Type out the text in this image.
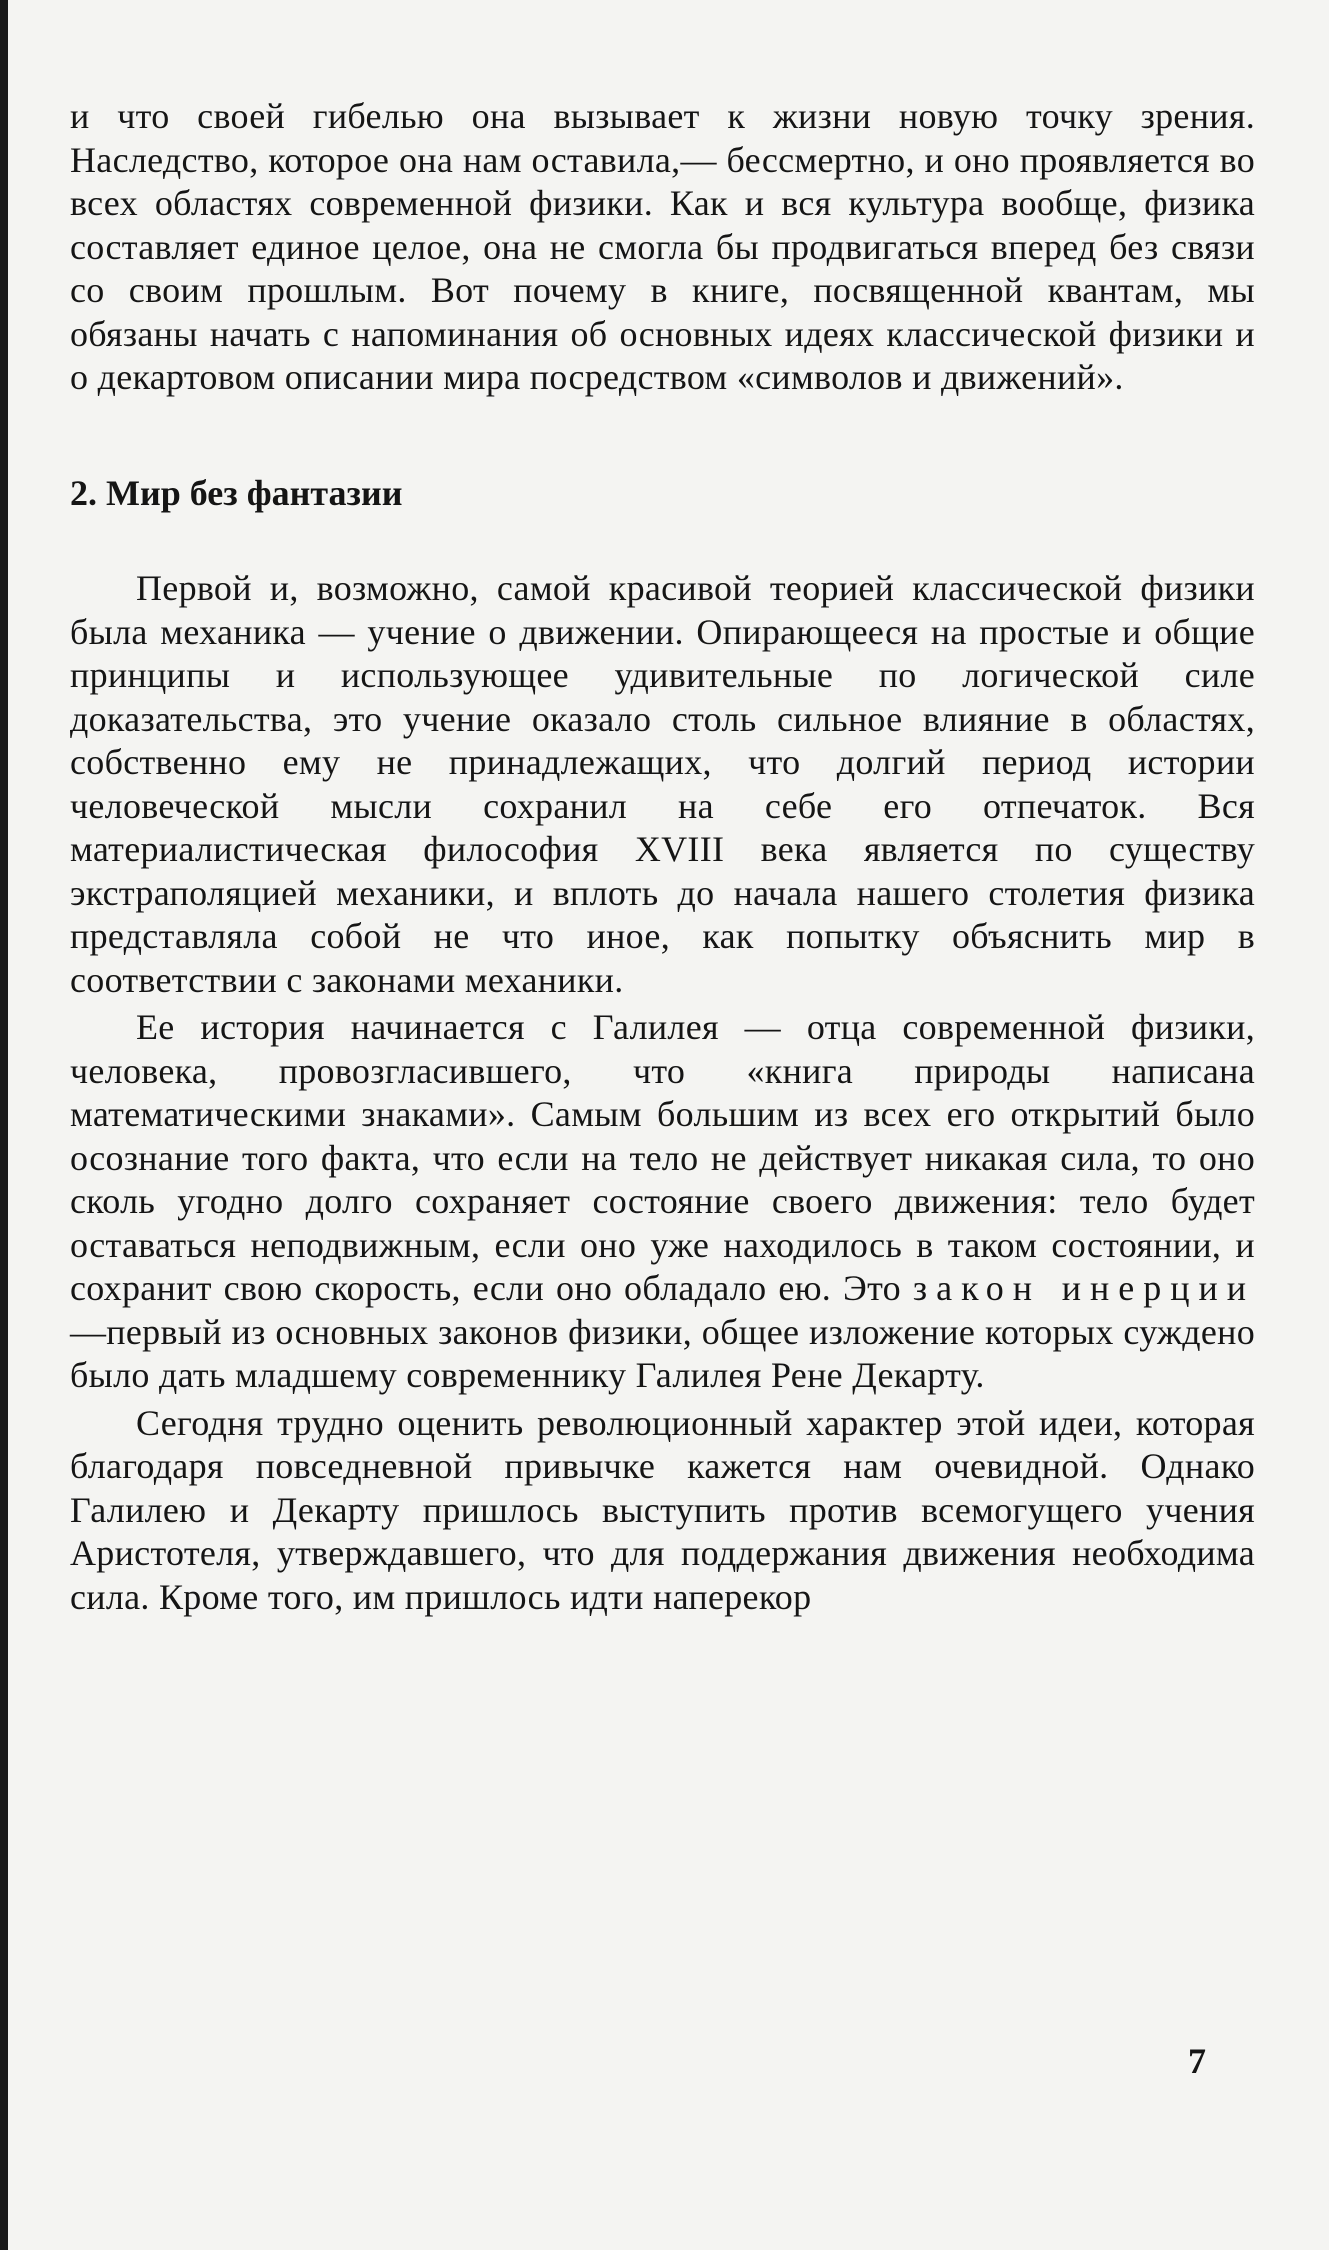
и что своей гибелью она вызывает к жизни новую точку зрения. Наследство, которое она нам оставила,— бессмертно, и оно проявляется во всех областях современной физики. Как и вся культура вообще, физика составляет единое целое, она не смогла бы продвигаться вперед без связи со своим прошлым. Вот почему в книге, посвященной квантам, мы обязаны начать с напоминания об основных идеях классической физики и о декартовом описании мира посредством «символов и движений».

2. Мир без фантазии

Первой и, возможно, самой красивой теорией классической физики была механика — учение о движении. Опирающееся на простые и общие принципы и использующее удивительные по логической силе доказательства, это учение оказало столь сильное влияние в областях, собственно ему не принадлежащих, что долгий период истории человеческой мысли сохранил на себе его отпечаток. Вся материалистическая философия XVIII века является по существу экстраполяцией механики, и вплоть до начала нашего столетия физика представляла собой не что иное, как попытку объяснить мир в соответствии с законами механики.

Ее история начинается с Галилея — отца современной физики, человека, провозгласившего, что «книга природы написана математическими знаками». Самым большим из всех его открытий было осознание того факта, что если на тело не действует никакая сила, то оно сколь угодно долго сохраняет состояние своего движения: тело будет оставаться неподвижным, если оно уже находилось в таком состоянии, и сохранит свою скорость, если оно обладало ею. Это закон инерции—первый из основных законов физики, общее изложение которых суждено было дать младшему современнику Галилея Рене Декарту.

Сегодня трудно оценить революционный характер этой идеи, которая благодаря повседневной привычке кажется нам очевидной. Однако Галилею и Декарту пришлось выступить против всемогущего учения Аристотеля, утверждавшего, что для поддержания движения необходима сила. Кроме того, им пришлось идти наперекор

7
